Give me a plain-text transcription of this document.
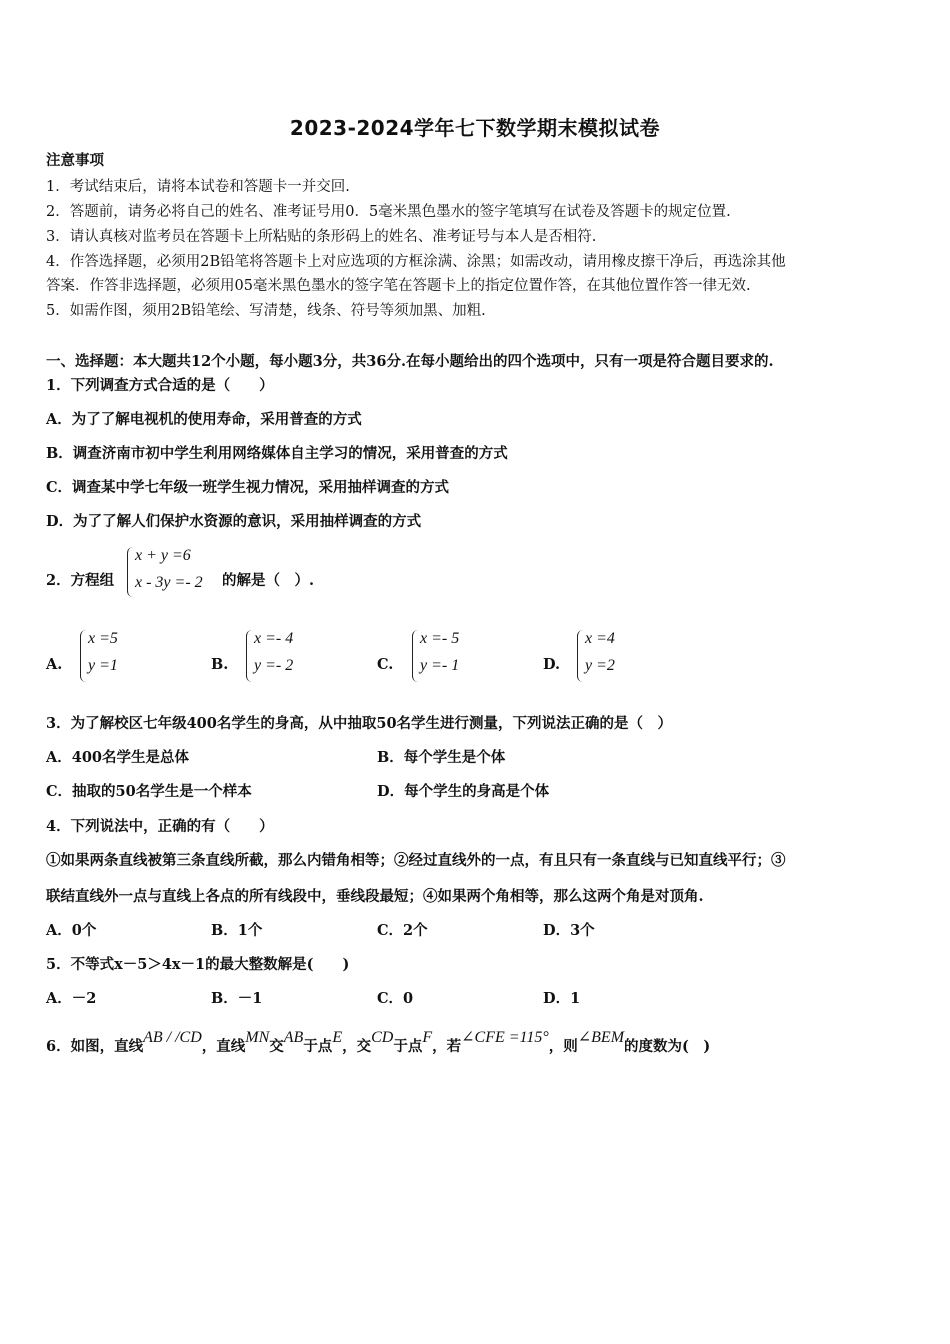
2023-2024学年七下数学期末模拟试卷
注意事项
1．考试结束后，请将本试卷和答题卡一并交回.
2．答题前，请务必将自己的姓名、准考证号用0．5毫米黑色墨水的签字笔填写在试卷及答题卡的规定位置.
3．请认真核对监考员在答题卡上所粘贴的条形码上的姓名、准考证号与本人是否相符.
4．作答选择题，必须用2B铅笔将答题卡上对应选项的方框涂满、涂黑；如需改动，请用橡皮擦干净后，再选涂其他
答案．作答非选择题，必须用05毫米黑色墨水的签字笔在答题卡上的指定位置作答，在其他位置作答一律无效.
5．如需作图，须用2B铅笔绘、写清楚，线条、符号等须加黑、加粗.
一、选择题：本大题共12个小题，每小题3分，共36分.在每小题给出的四个选项中，只有一项是符合题目要求的.
1．下列调查方式合适的是（　　）
A．为了了解电视机的使用寿命，采用普查的方式
B．调查济南市初中学生利用网络媒体自主学习的情况，采用普查的方式
C．调查某中学七年级一班学生视力情况，采用抽样调查的方式
D．为了了解人们保护水资源的意识，采用抽样调查的方式
2．方程组
x + y =6
x - 3y =- 2 的解是（　）.
A.
x =5
y =1	B.
x =- 4
y =- 2	C.
x =- 5
y =- 1	D.
x =4
y =2
3．为了解校区七年级400名学生的身高，从中抽取50名学生进行测量，下列说法正确的是（　）
A．400名学生是总体	B．每个学生是个体
C．抽取的50名学生是一个样本	D．每个学生的身高是个体
4．下列说法中，正确的有（　　）
①如果两条直线被第三条直线所截，那么内错角相等；②经过直线外的一点，有且只有一条直线与已知直线平行；③
联结直线外一点与直线上各点的所有线段中，垂线段最短；④如果两个角相等，那么这两个角是对顶角.
A．0个	B．1个	C．2个	D．3个
5．不等式x－5＞4x－1的最大整数解是(　　)
A．－2	B．－1	C．0	D．1
6．如图，直线AB / /CD，直线MN交AB于点E，交CD于点F，若∠CFE =115°，则∠BEM的度数为(　)
